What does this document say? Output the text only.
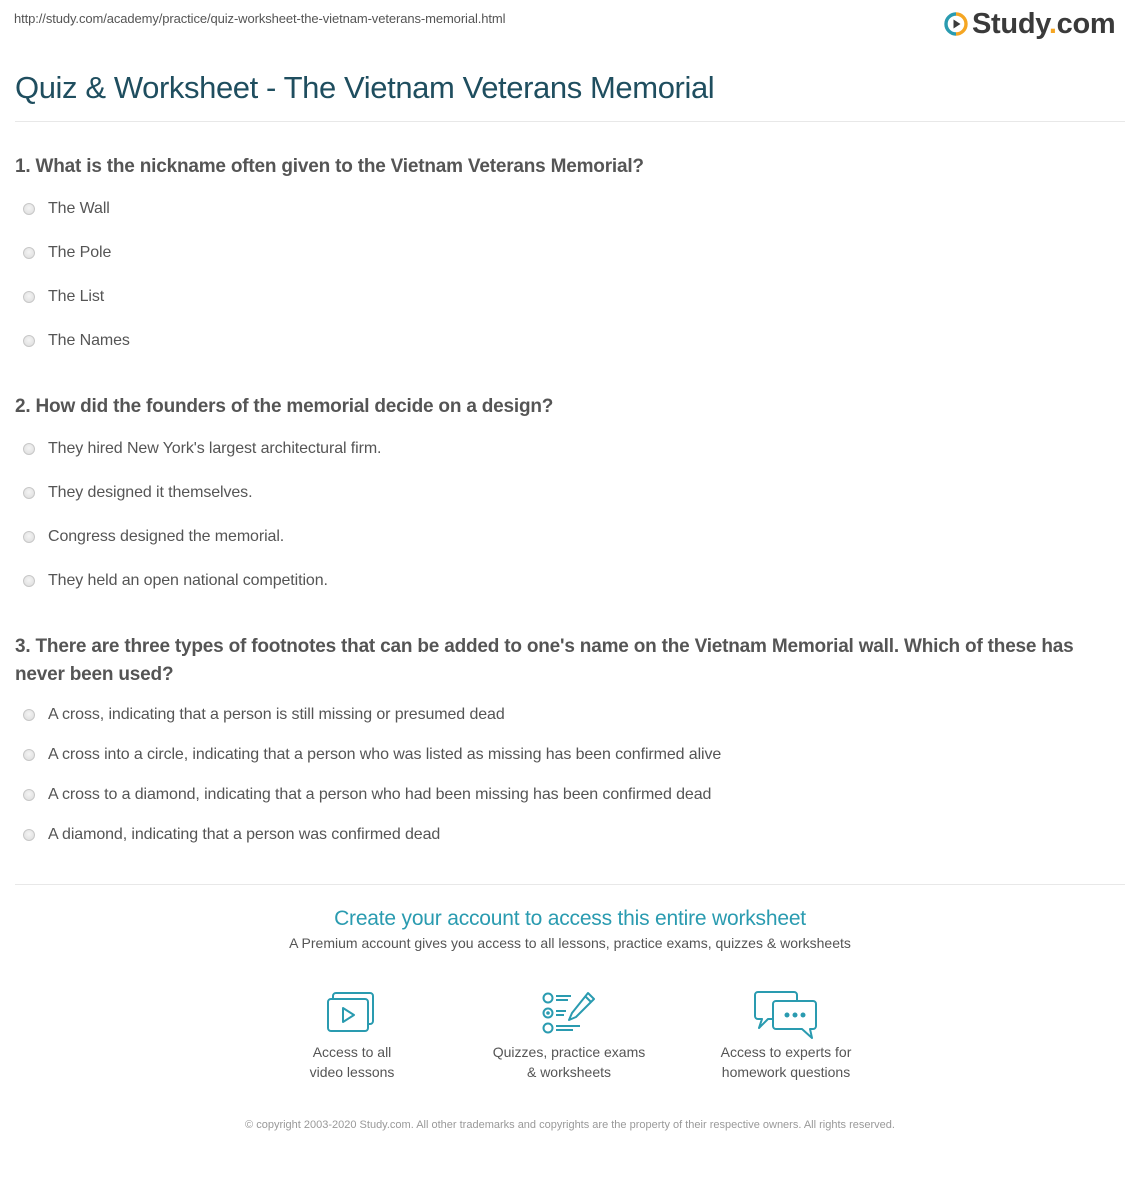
http://study.com/academy/practice/quiz-worksheet-the-vietnam-veterans-memorial.html	Study.com
Quiz & Worksheet - The Vietnam Veterans Memorial
1. What is the nickname often given to the Vietnam Veterans Memorial?
The Wall
The Pole
The List
The Names
2. How did the founders of the memorial decide on a design?
They hired New York's largest architectural firm.
They designed it themselves.
Congress designed the memorial.
They held an open national competition.
3. There are three types of footnotes that can be added to one's name on the Vietnam Memorial wall. Which of these has never been used?
A cross, indicating that a person is still missing or presumed dead
A cross into a circle, indicating that a person who was listed as missing has been confirmed alive
A cross to a diamond, indicating that a person who had been missing has been confirmed dead
A diamond, indicating that a person was confirmed dead
Create your account to access this entire worksheet
A Premium account gives you access to all lessons, practice exams, quizzes & worksheets
Access to all
video lessons
Quizzes, practice exams
& worksheets
Access to experts for
homework questions
© copyright 2003-2020 Study.com. All other trademarks and copyrights are the property of their respective owners. All rights reserved.
